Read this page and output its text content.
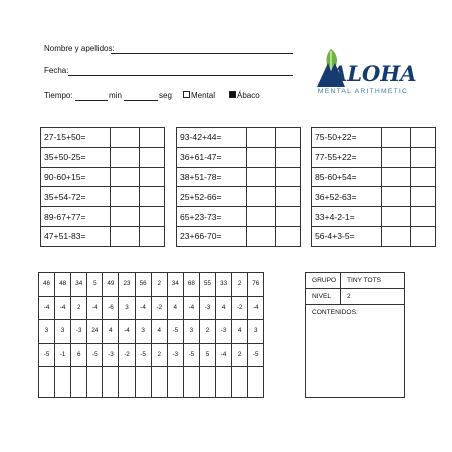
Nombre y apellidos:
Fecha:
Tiempo:	min	seg	Mental	Ábaco
ALOHA
MENTAL ARITHMETIC
27-15+50=		
35+50-25=		
90-60+15=		
35+54-72=		
89-67+77=		
47+51-83=		
93-42+44=		
36+61-47=		
38+51-78=		
25+52-66=		
65+23-73=		
23+66-70=		
75-50+22=		
77-55+22=		
85-60+54=		
36+52-63=		
33+4-2-1=		
56-4+3-5=		
46	48	34	5	49	23	56	2	34	68	55	33	2	76
-4	-4	2	-4	-6	3	-4	-2	4	-4	-3	4	-2	-4
3	3	-3	24	4	-4	3	4	-5	3	2	-3	4	3
-5	-1	6	-5	-3	-2	-5	2	-3	-5	5	-4	2	-5

GRUPO	TINY TOTS
NIVEL	2
CONTENIDOS:	
